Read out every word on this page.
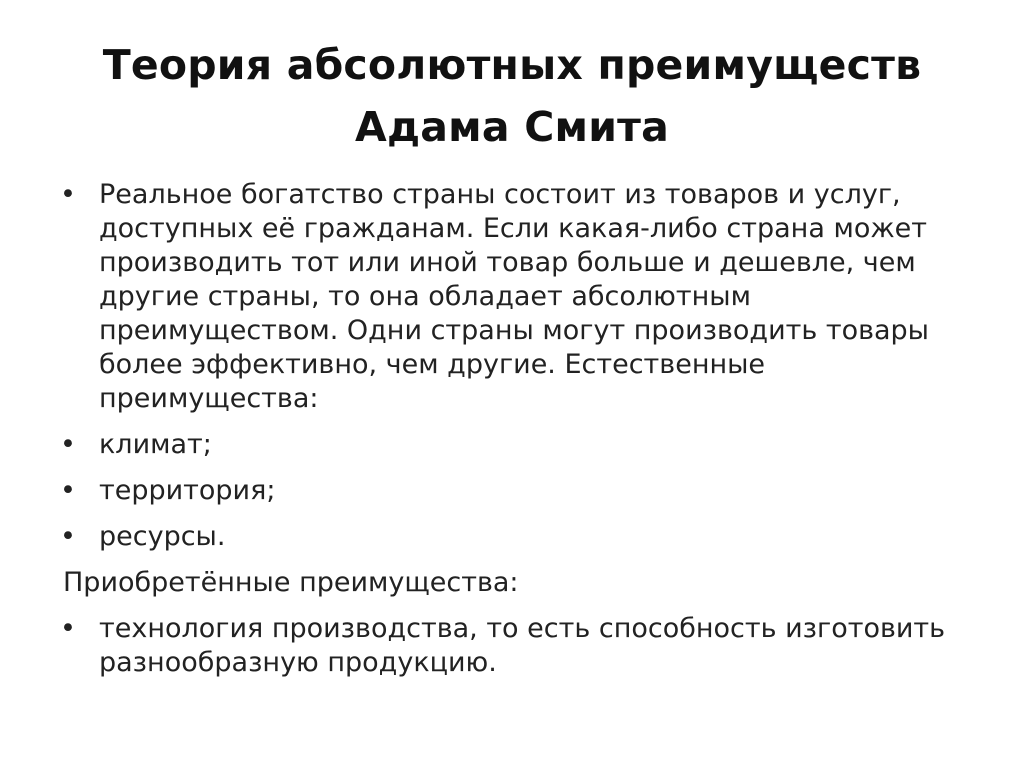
Теория абсолютных преимуществ
Адама Смита
• Реальное богатство страны состоит из товаров и услуг, доступных её гражданам. Если какая-либо страна может производить тот или иной товар больше и дешевле, чем другие страны, то она обладает абсолютным преимуществом. Одни страны могут производить товары более эффективно, чем другие. Естественные преимущества:
• климат;
• территория;
• ресурсы.
Приобретённые преимущества:
• технология производства, то есть способность изготовить разнообразную продукцию.
